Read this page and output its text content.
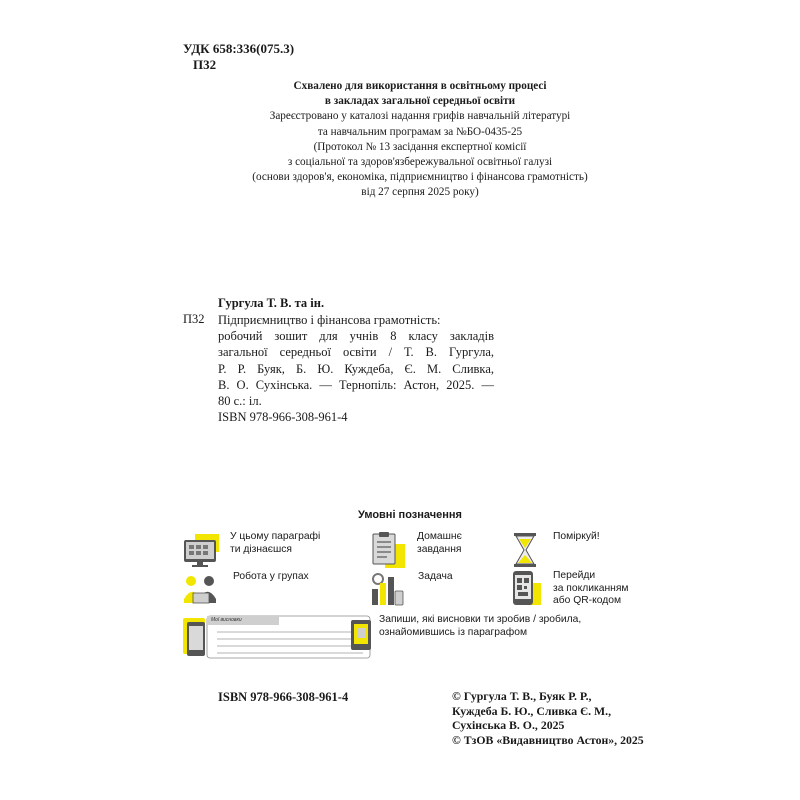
УДК 658:336(075.3)
П32
Схвалено для використання в освітньому процесі
в закладах загальної середньої освіти
Зареєстровано у каталозі надання грифів навчальній літературі
та навчальним програмам за №БО-0435-25
(Протокол № 13 засідання експертної комісії
з соціальної та здоров'язбережувальної освітньої галузі
(основи здоров'я, економіка, підприємництво і фінансова грамотність)
від 27 серпня 2025 року)
Гургула Т. В. та ін.
П32 Підприємництво і фінансова грамотність:
робочий зошит для учнів 8 класу закладів
загальної середньої освіти / Т. В. Гургула,
Р. Р. Буяк, Б. Ю. Куждеба, Є. М. Сливка,
В. О. Сухінська. — Тернопіль: Астон, 2025. —
80 с.: іл.
ISBN 978-966-308-961-4
Умовні позначення
У цьому параграфі
ти дізнаєшся
Домашнє
завдання
Поміркуй!
Робота у групах	Задача	Перейди
за покликанням
або QR-кодом
Мої висновки	Запиши, які висновки ти зробив / зробила,
ознайомившись із параграфом
ISBN 978-966-308-961-4	© Гургула Т. В., Буяк Р. Р.,
Куждеба Б. Ю., Сливка Є. М.,
Сухінська В. О., 2025
© ТзОВ «Видавництво Астон», 2025
